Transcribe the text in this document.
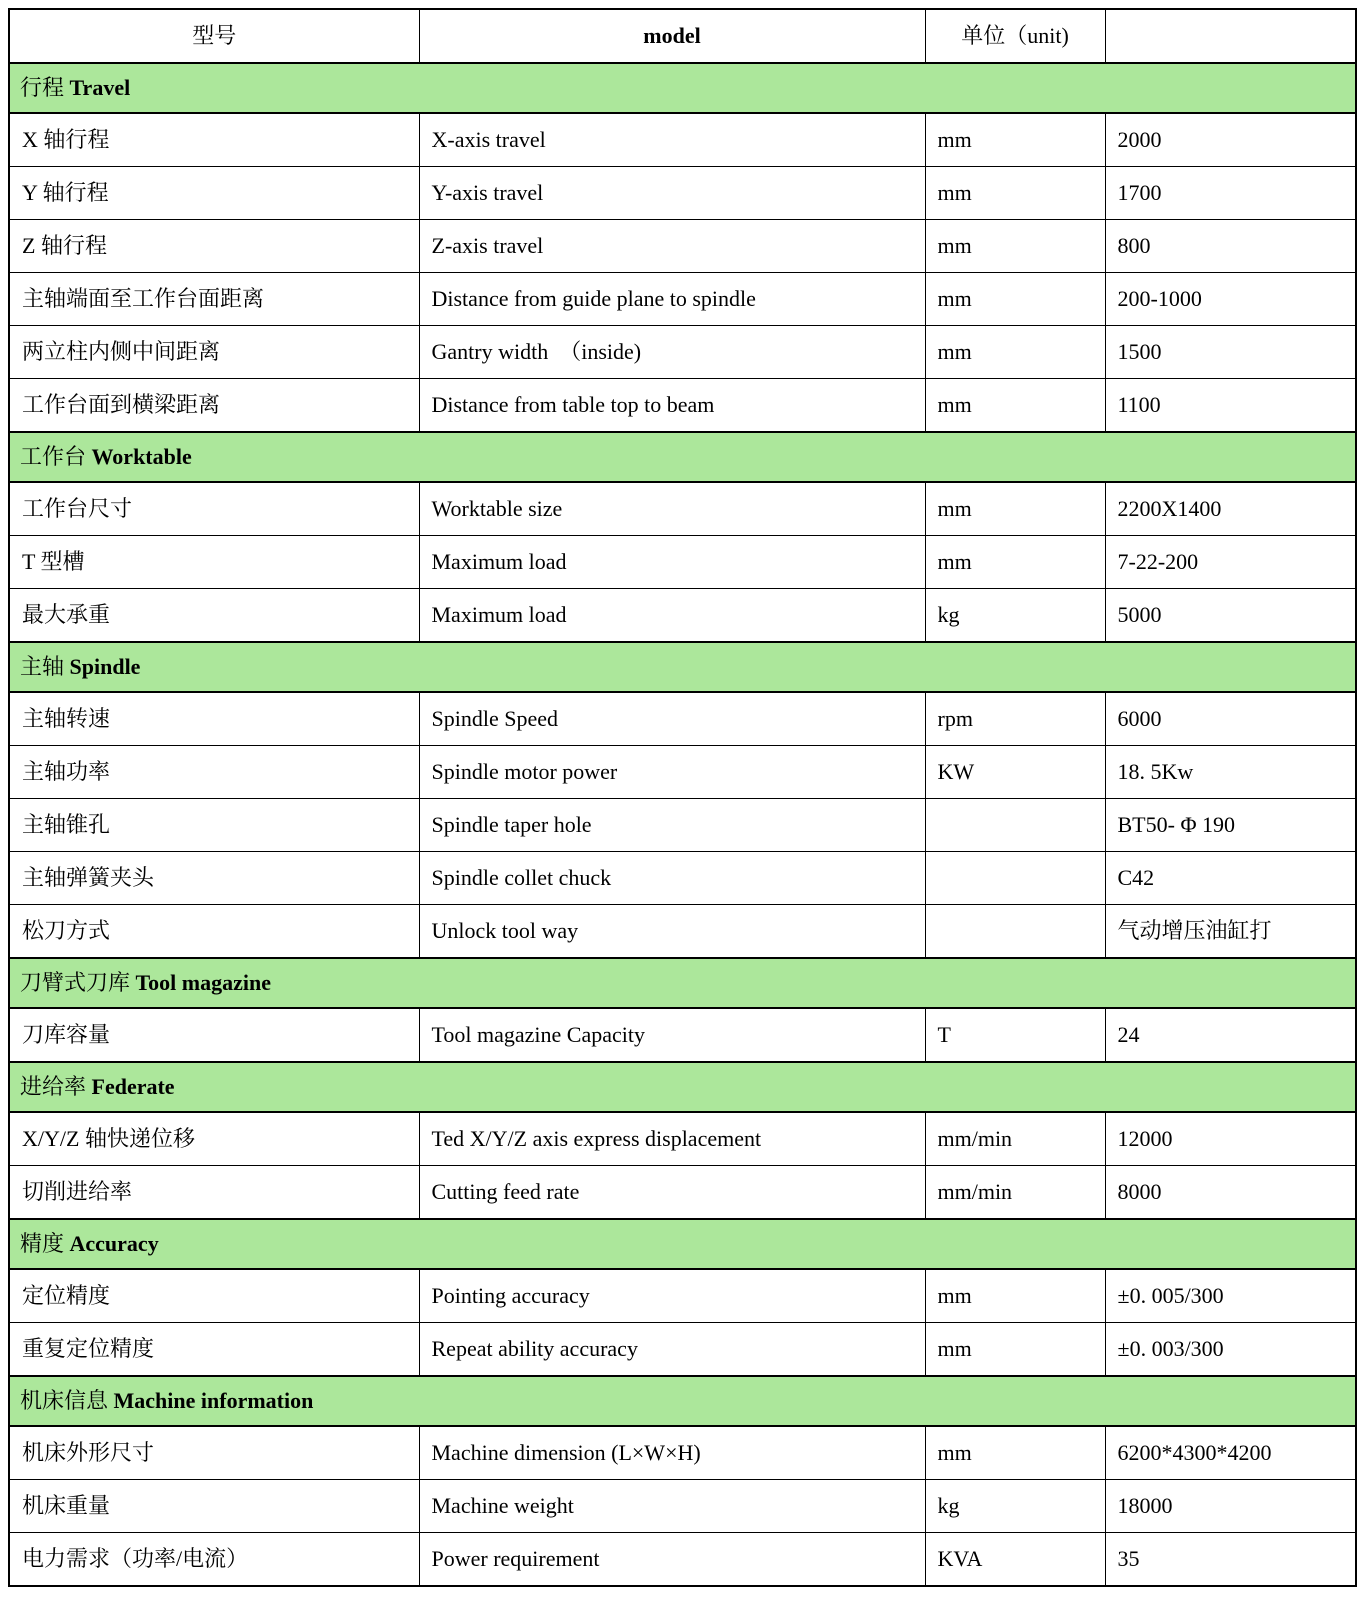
型号	model	单位（unit)	
行程 Travel			
X 轴行程	X-axis travel	mm	2000
Y 轴行程	Y-axis travel	mm	1700
Z 轴行程	Z-axis travel	mm	800
主轴端面至工作台面距离	Distance from guide plane to spindle	mm	200-1000
两立柱内侧中间距离	Gantry width　（inside)	mm	1500
工作台面到横梁距离	Distance from table top to beam	mm	1100
工作台 Worktable			
工作台尺寸	Worktable size	mm	2200X1400
T 型槽	Maximum load	mm	7-22-200
最大承重	Maximum load	kg	5000
主轴 Spindle			
主轴转速	Spindle Speed	rpm	6000
主轴功率	Spindle motor power	KW	18. 5Kw
主轴锥孔	Spindle taper hole		BT50- Φ 190
主轴弹簧夹头	Spindle collet chuck		C42
松刀方式	Unlock tool way		气动增压油缸打
刀臂式刀库 Tool magazine			
刀库容量	Tool magazine Capacity	T	24
进给率 Federate			
X/Y/Z 轴快递位移	Ted X/Y/Z axis express displacement	mm/min	12000
切削进给率	Cutting feed rate	mm/min	8000
精度 Accuracy			
定位精度	Pointing accuracy	mm	±0. 005/300
重复定位精度	Repeat ability accuracy	mm	±0. 003/300
机床信息 Machine information			
机床外形尺寸	Machine dimension (L×W×H)	mm	6200*4300*4200
机床重量	Machine weight	kg	18000
电力需求（功率/电流）	Power requirement	KVA	35
